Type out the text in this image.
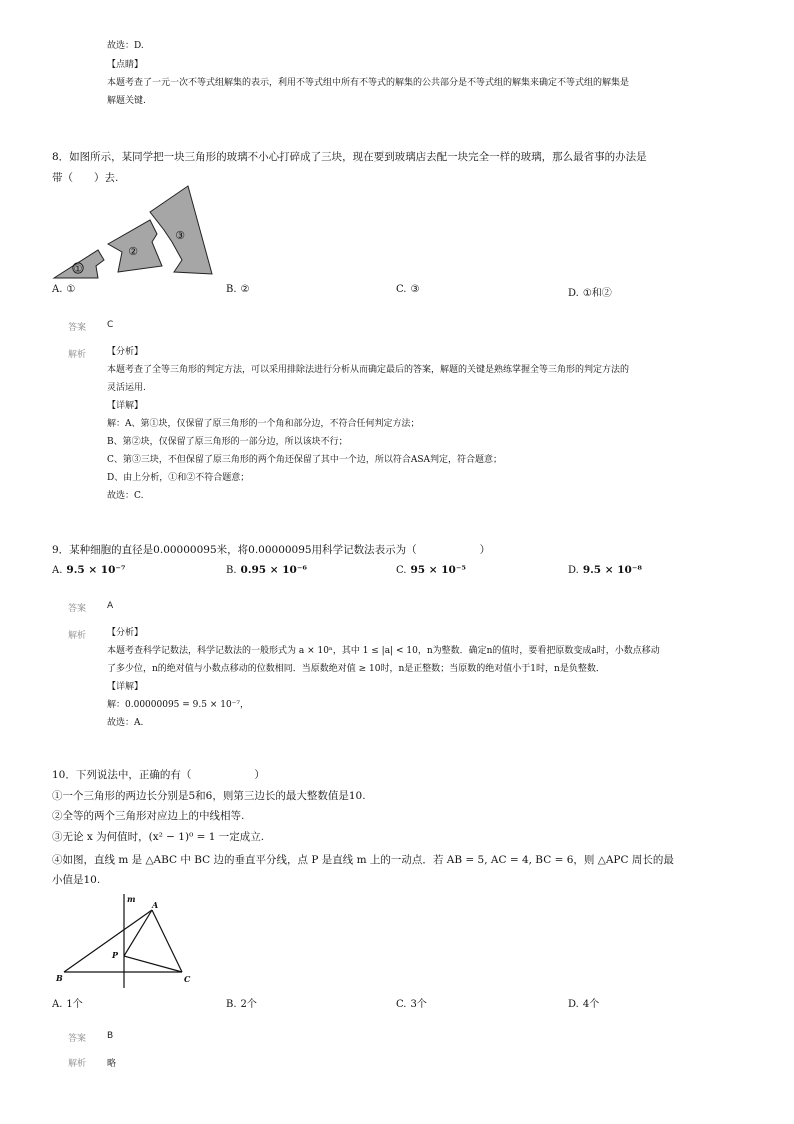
故选：D.
【点睛】
本题考查了一元一次不等式组解集的表示，利用不等式组中所有不等式的解集的公共部分是不等式组的解集来确定不等式组的解集是
解题关键.
8．如图所示，某同学把一块三角形的玻璃不小心打碎成了三块，现在要到玻璃店去配一块完全一样的玻璃，那么最省事的办法是
带（　　）去.
①
②
③
A. ①	B. ②	C. ③	D. ①和②
答案 C
解析 【分析】
本题考查了全等三角形的判定方法，可以采用排除法进行分析从而确定最后的答案，解题的关键是熟练掌握全等三角形的判定方法的
灵活运用.
【详解】
解：A、第①块，仅保留了原三角形的一个角和部分边，不符合任何判定方法；
B、第②块，仅保留了原三角形的一部分边，所以该块不行；
C、第③三块，不但保留了原三角形的两个角还保留了其中一个边，所以符合ASA判定，符合题意；
D、由上分析，①和②不符合题意；
故选：C.
9．某种细胞的直径是0.00000095米，将0.00000095用科学记数法表示为（　　　　　　）
A. 9.5 × 10⁻⁷	B. 0.95 × 10⁻⁶	C. 95 × 10⁻⁵	D. 9.5 × 10⁻⁸
答案 A
解析 【分析】
本题考查科学记数法，科学记数法的一般形式为 a × 10ⁿ，其中 1 ≤ |a| < 10，n为整数．确定n的值时，要看把原数变成a时，小数点移动
了多少位，n的绝对值与小数点移动的位数相同．当原数绝对值 ≥ 10时，n是正整数；当原数的绝对值小于1时，n是负整数．
【详解】
解：0.00000095 = 9.5 × 10⁻⁷，
故选：A.
10．下列说法中，正确的有（　　　　　　）
①一个三角形的两边长分别是5和6，则第三边长的最大整数值是10.
②全等的两个三角形对应边上的中线相等.
③无论 x 为何值时，(x² − 1)⁰ = 1 一定成立.
④如图，直线 m 是 △ABC 中 BC 边的垂直平分线，点 P 是直线 m 上的一动点．若 AB = 5, AC = 4, BC = 6，则 △APC 周长的最
小值是10.
m
A
P
B	C
A. 1个	B. 2个	C. 3个	D. 4个
答案 B
解析 略
